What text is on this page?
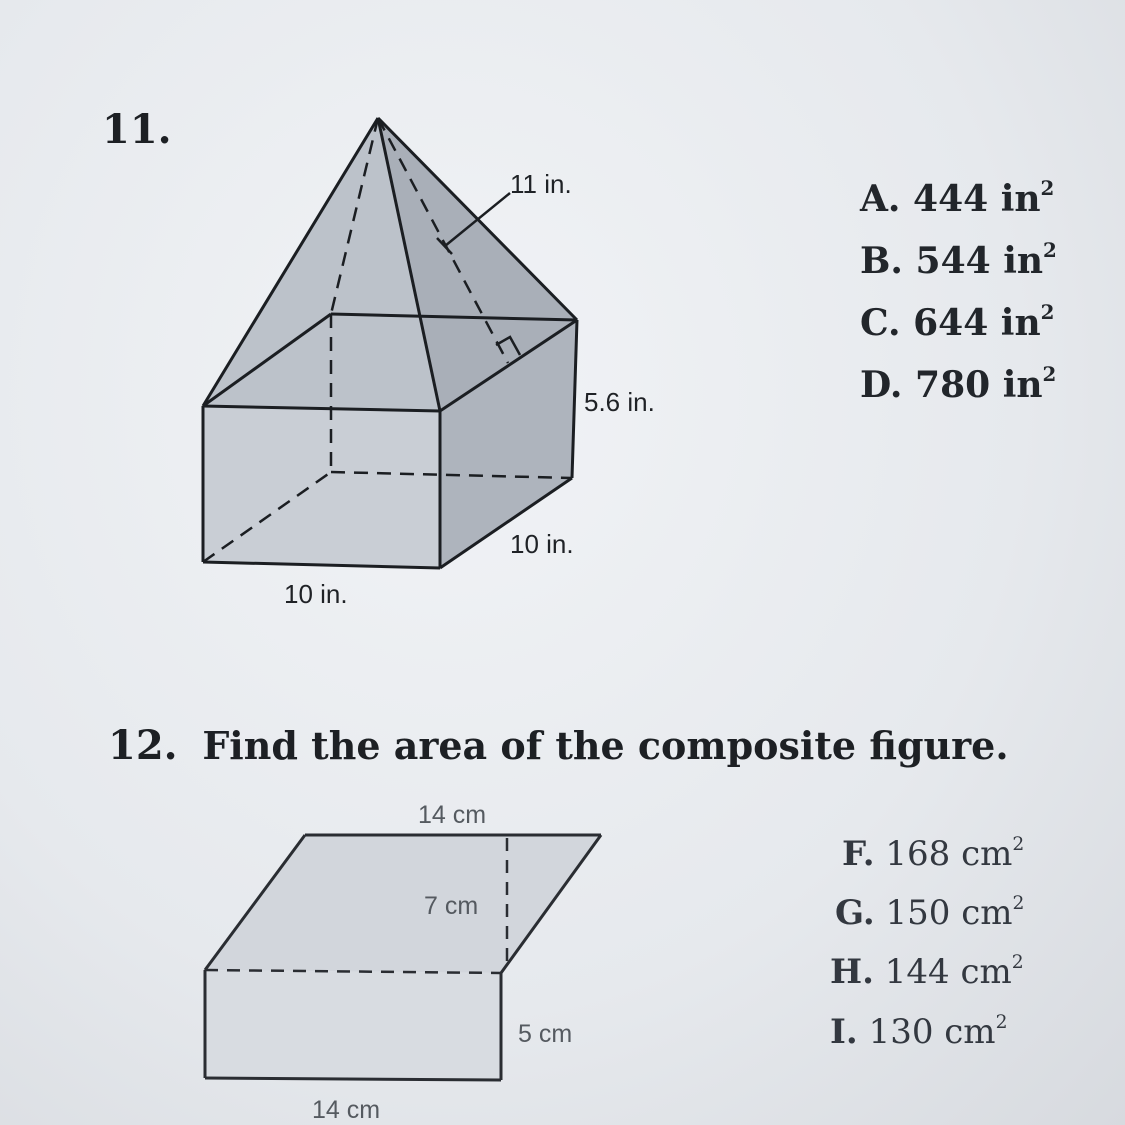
11.
11 in.
5.6 in.
10 in.
10 in.
14 cm
7 cm
5 cm
14 cm
A. 444 $in^2$
B. 544 $in^2$
C. 644 $in^2$
D. 780 $in^2$
12. Find the area of the composite figure.
F. 168 $cm^2$
G. 150 $cm^2$
H. 144 $cm^2$
I. 130 $cm^2$
